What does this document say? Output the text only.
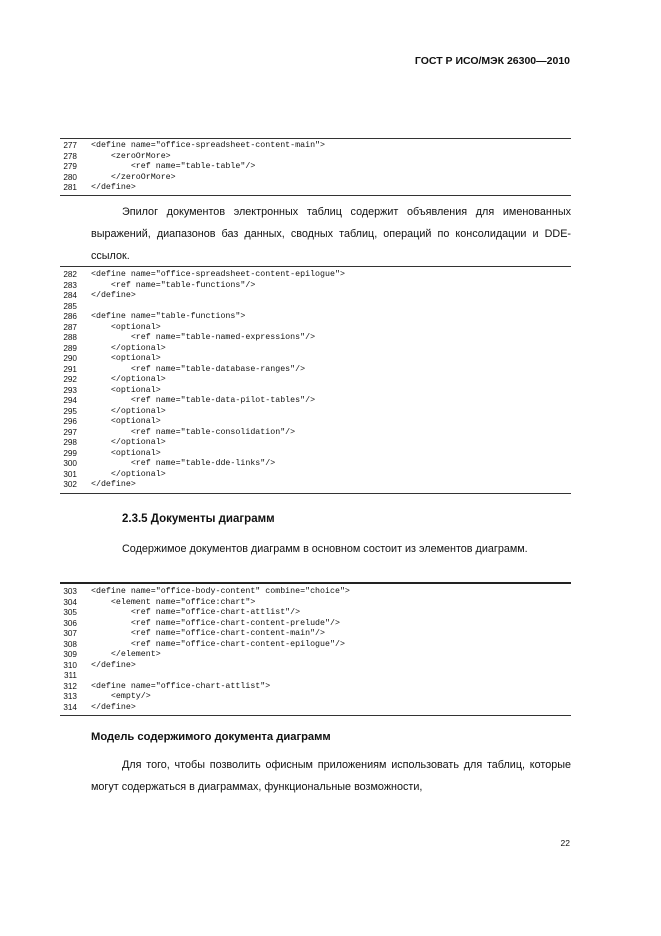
ГОСТ Р ИСО/МЭК 26300—2010
277 <define name="office-spreadsheet-content-main">
278 <zeroOrMore>
279 <ref name="table-table"/>
280 </zeroOrMore>
281 </define>

Эпилог документов электронных таблиц содержит объявления для именованных выражений, диапазонов баз данных, сводных таблиц, операций по консолидации и DDE-ссылок.

282 <define name="office-spreadsheet-content-epilogue">
283 <ref name="table-functions"/>
284 </define>
285
286 <define name="table-functions">
287 <optional>
288 <ref name="table-named-expressions"/>
289 </optional>
290 <optional>
291 <ref name="table-database-ranges"/>
292 </optional>
293 <optional>
294 <ref name="table-data-pilot-tables"/>
295 </optional>
296 <optional>
297 <ref name="table-consolidation"/>
298 </optional>
299 <optional>
300 <ref name="table-dde-links"/>
301 </optional>
302 </define>
2.3.5 Документы диаграмм

Содержимое документов диаграмм в основном состоит из элементов диаграмм.

303 <define name="office-body-content" combine="choice">
304 <element name="office:chart">
305 <ref name="office-chart-attlist"/>
306 <ref name="office-chart-content-prelude"/>
307 <ref name="office-chart-content-main"/>
308 <ref name="office-chart-content-epilogue"/>
309 </element>
310 </define>
311
312 <define name="office-chart-attlist">
313 <empty/>
314 </define>
Модель содержимого документа диаграмм

Для того, чтобы позволить офисным приложениям использовать для таблиц, которые могут содержаться в диаграммах, функциональные возможности,

22
